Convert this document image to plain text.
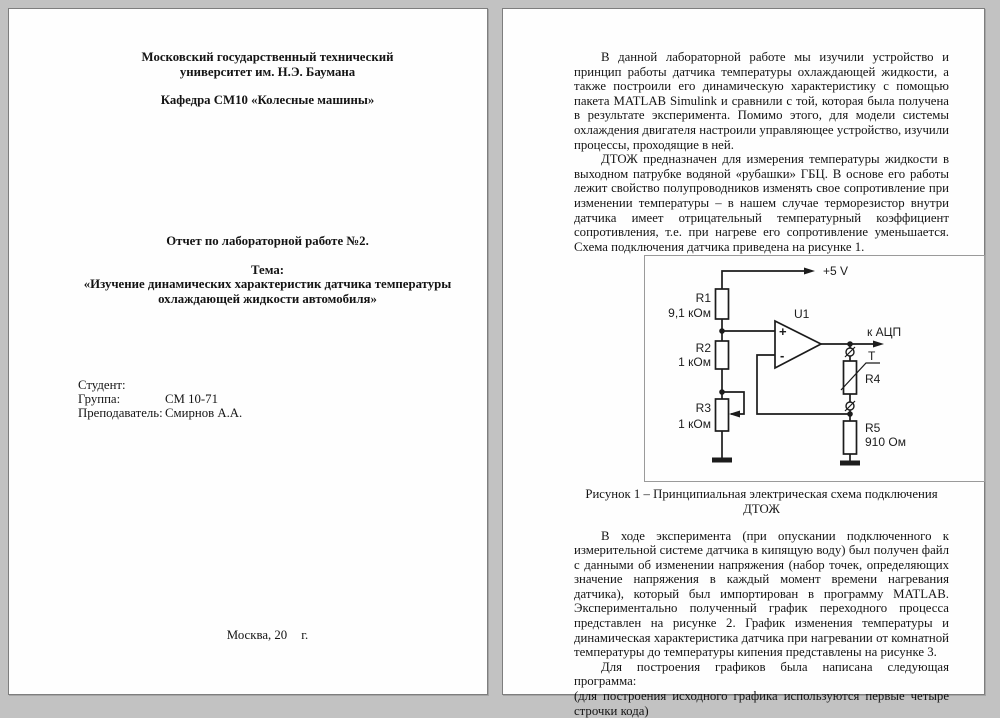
Московский государственный технический
университет им. Н.Э. Баумана
Кафедра СМ10 «Колесные машины»
Отчет по лабораторной работе №2.
Тема:
«Изучение динамических характеристик датчика температуры
охлаждающей жидкости автомобиля»
Студент:
Группа:	СМ 10-71
Преподаватель: Смирнов А.А.
Москва, 20 г.

В данной лабораторной работе мы изучили устройство и принцип работы датчика температуры охлаждающей жидкости, а также построили его динамическую характеристику с помощью пакета MATLAB Simulink и сравнили с той, которая была получена в результате эксперимента. Помимо этого, для модели системы охлаждения двигателя настроили управляющее устройство, изучили процессы, проходящие в ней.

ДТОЖ предназначен для измерения температуры жидкости в выходном патрубке водяной «рубашки» ГБЦ. В основе его работы лежит свойство полупроводников изменять свое сопротивление при изменении температуры – в нашем случае терморезистор внутри датчика имеет отрицательный температурный коэффициент сопротивления, т.е. при нагреве его сопротивление уменьшается. Схема подключения датчика приведена на рисунке 1.

+5 V
R1
9,1 кОм
R2
1 кОм
R3
1 кОм
U1
+
-
к АЦП
T
R4
R5
910 Ом

Рисунок 1 – Принципиальная электрическая схема подключения ДТОЖ

В ходе эксперимента (при опускании подключенного к измерительной системе датчика в кипящую воду) был получен файл с данными об изменении напряжения (набор точек, определяющих значение напряжения в каждый момент времени нагревания датчика), который был импортирован в программу MATLAB. Экспериментально полученный график переходного процесса представлен на рисунке 2. График изменения температуры и динамическая характеристика датчика при нагревании от комнатной температуры до температуры кипения представлены на рисунке 3.

Для построения графиков была написана следующая программа:

(для построения исходного графика используются первые четыре строчки кода)
